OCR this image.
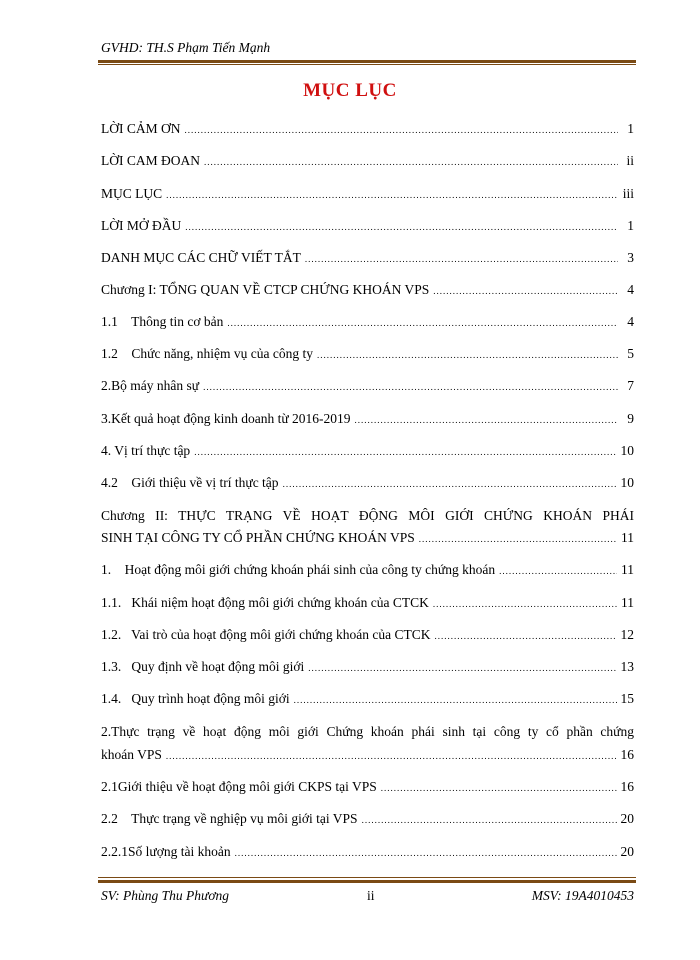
GVHD: TH.S Phạm Tiến Mạnh
MỤC LỤC
LỜI CẢM ƠN .....	1
LỜI CAM ĐOAN .....	ii
MỤC LỤC .....	iii
LỜI MỞ ĐẦU .....	1
DANH MỤC CÁC CHỮ VIẾT TẮT .....	3
Chương I: TỔNG QUAN VỀ CTCP CHỨNG KHOÁN VPS .....	4
1.1    Thông tin cơ bản .....	4
1.2    Chức năng, nhiệm vụ của công ty .....	5
2.Bộ máy nhân sự .....	7
3.Kết quả hoạt động kinh doanh từ 2016-2019 .....	9
4. Vị trí thực tập .....	10
4.2    Giới thiệu về vị trí thực tập .....	10
Chương II: THỰC TRẠNG VỀ HOẠT ĐỘNG MÔI GIỚI CHỨNG KHOÁN PHÁI
SINH TẠI CÔNG TY CỔ PHẦN CHỨNG KHOÁN VPS .....	11
1.    Hoạt động môi giới chứng khoán phái sinh của công ty chứng khoán .....	11
1.1.   Khái niệm hoạt động môi giới chứng khoán của CTCK .....	11
1.2.   Vai trò của hoạt động môi giới chứng khoán của CTCK .....	12
1.3.   Quy định về hoạt động môi giới .....	13
1.4.   Quy trình hoạt động môi giới .....	15
2.Thực trạng về hoạt động môi giới Chứng khoán phái sinh tại công ty cổ phần chứng
khoán VPS .....	16
2.1Giới thiệu về hoạt động môi giới CKPS tại VPS .....	16
2.2    Thực trạng về nghiệp vụ môi giới tại VPS .....	20
2.2.1Số lượng tài khoản .....	20
SV: Phùng Thu Phương	ii	MSV: 19A4010453
